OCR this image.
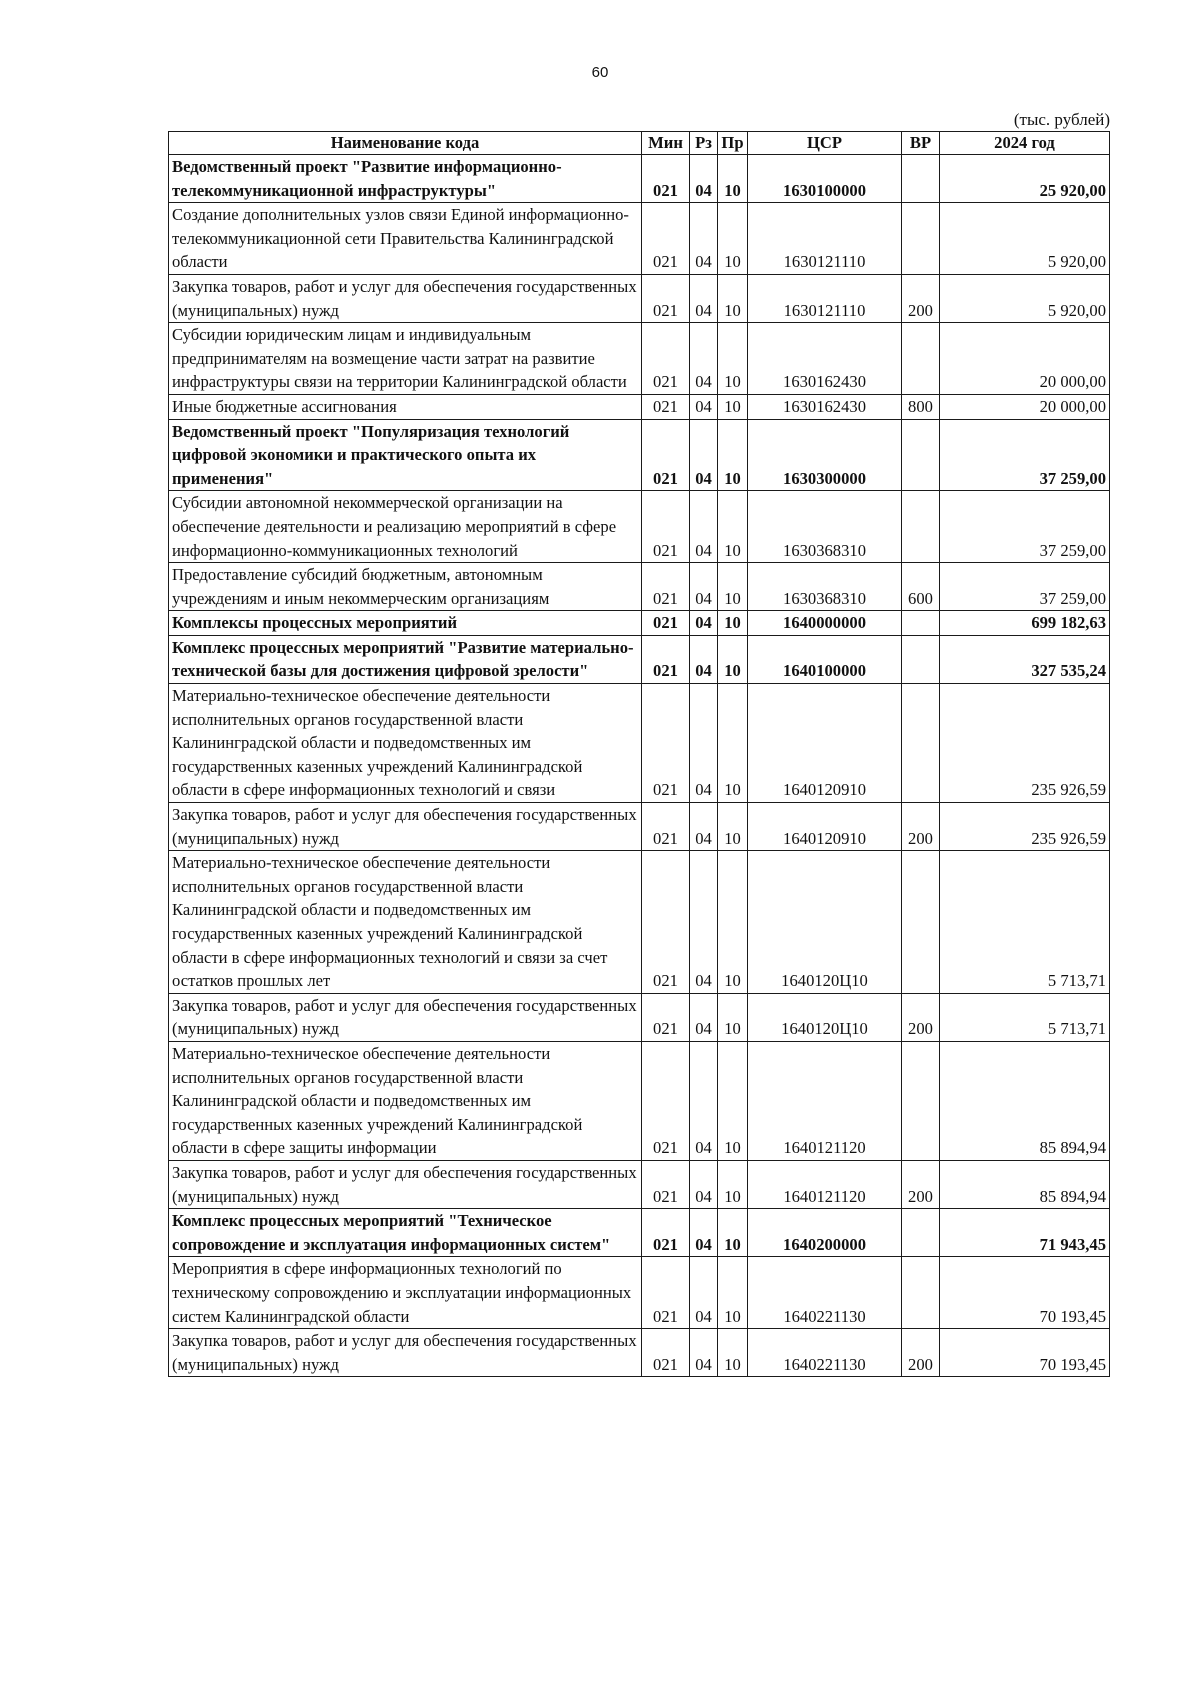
60
(тыс. рублей)
Наименование кода	Мин	Рз	Пр	ЦСР	ВР	2024 год
Ведомственный проект "Развитие информационно-телекоммуникационной инфраструктуры"	021	04	10	1630100000		25 920,00
Создание дополнительных узлов связи Единой информационно-телекоммуникационной сети Правительства Калининградской области	021	04	10	1630121110		5 920,00
Закупка товаров, работ и услуг для обеспечения государственных (муниципальных) нужд	021	04	10	1630121110	200	5 920,00
Субсидии юридическим лицам и индивидуальным предпринимателям на возмещение части затрат на развитие инфраструктуры связи на территории Калининградской области	021	04	10	1630162430		20 000,00
Иные бюджетные ассигнования	021	04	10	1630162430	800	20 000,00
Ведомственный проект "Популяризация технологий цифровой экономики и практического опыта их применения"	021	04	10	1630300000		37 259,00
Субсидии автономной некоммерческой организации на обеспечение деятельности и реализацию мероприятий в сфере информационно-коммуникационных технологий	021	04	10	1630368310		37 259,00
Предоставление субсидий бюджетным, автономным учреждениям и иным некоммерческим организациям	021	04	10	1630368310	600	37 259,00
Комплексы процессных мероприятий	021	04	10	1640000000		699 182,63
Комплекс процессных мероприятий "Развитие материально-технической базы для достижения цифровой зрелости"	021	04	10	1640100000		327 535,24
Материально-техническое обеспечение деятельности исполнительных органов государственной власти Калининградской области и подведомственных им государственных казенных учреждений Калининградской области в сфере информационных технологий и связи	021	04	10	1640120910		235 926,59
Закупка товаров, работ и услуг для обеспечения государственных (муниципальных) нужд	021	04	10	1640120910	200	235 926,59
Материально-техническое обеспечение деятельности исполнительных органов государственной власти Калининградской области и подведомственных им государственных казенных учреждений Калининградской области в сфере информационных технологий и связи за счет остатков прошлых лет	021	04	10	1640120Ц10		5 713,71
Закупка товаров, работ и услуг для обеспечения государственных (муниципальных) нужд	021	04	10	1640120Ц10	200	5 713,71
Материально-техническое обеспечение деятельности исполнительных органов государственной власти Калининградской области и подведомственных им государственных казенных учреждений Калининградской области в сфере защиты информации	021	04	10	1640121120		85 894,94
Закупка товаров, работ и услуг для обеспечения государственных (муниципальных) нужд	021	04	10	1640121120	200	85 894,94
Комплекс процессных мероприятий "Техническое сопровождение и эксплуатация информационных систем"	021	04	10	1640200000		71 943,45
Мероприятия в сфере информационных технологий по техническому сопровождению и эксплуатации информационных систем Калининградской области	021	04	10	1640221130		70 193,45
Закупка товаров, работ и услуг для обеспечения государственных (муниципальных) нужд	021	04	10	1640221130	200	70 193,45
